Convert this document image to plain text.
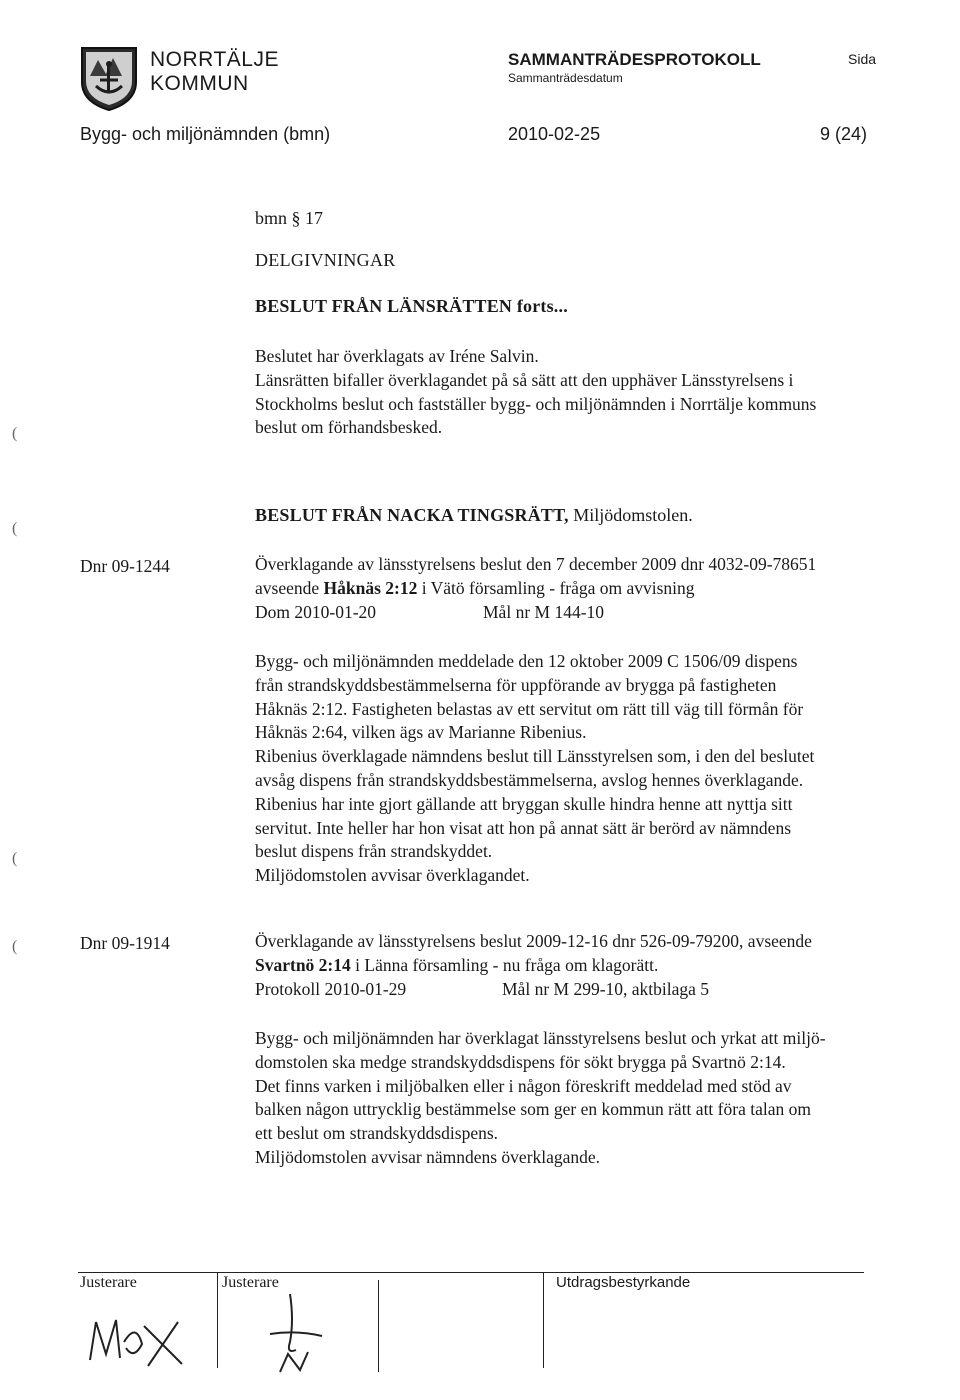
NORRTÄLJE
KOMMUN
SAMMANTRÄDESPROTOKOLL
Sammanträdesdatum
Sida
Bygg- och miljönämnden (bmn)	2010-02-25	9 (24)
bmn § 17
DELGIVNINGAR
BESLUT FRÅN LÄNSRÄTTEN forts...
Beslutet har överklagats av Iréne Salvin.
Länsrätten bifaller överklagandet på så sätt att den upphäver Länsstyrelsens i
Stockholms beslut och fastställer bygg- och miljönämnden i Norrtälje kommuns
beslut om förhandsbesked.
BESLUT FRÅN NACKA TINGSRÄTT, Miljödomstolen.
Dnr 09-1244	Överklagande av länsstyrelsens beslut den 7 december 2009 dnr 4032-09-78651
avseende Håknäs 2:12 i Vätö församling - fråga om avvisning
Dom 2010-01-20	Mål nr M 144-10
Bygg- och miljönämnden meddelade den 12 oktober 2009 C 1506/09 dispens
från strandskyddsbestämmelserna för uppförande av brygga på fastigheten
Håknäs 2:12. Fastigheten belastas av ett servitut om rätt till väg till förmån för
Håknäs 2:64, vilken ägs av Marianne Ribenius.
Ribenius överklagade nämndens beslut till Länsstyrelsen som, i den del beslutet
avsåg dispens från strandskyddsbestämmelserna, avslog hennes överklagande.
Ribenius har inte gjort gällande att bryggan skulle hindra henne att nyttja sitt
servitut. Inte heller har hon visat att hon på annat sätt är berörd av nämndens
beslut dispens från strandskyddet.
Miljödomstolen avvisar överklagandet.
Dnr 09-1914	Överklagande av länsstyrelsens beslut 2009-12-16 dnr 526-09-79200, avseende
Svartnö 2:14 i Länna församling - nu fråga om klagorätt.
Protokoll 2010-01-29	Mål nr M 299-10, aktbilaga 5
Bygg- och miljönämnden har överklagat länsstyrelsens beslut och yrkat att miljö-
domstolen ska medge strandskyddsdispens för sökt brygga på Svartnö 2:14.
Det finns varken i miljöbalken eller i någon föreskrift meddelad med stöd av
balken någon uttrycklig bestämmelse som ger en kommun rätt att föra talan om
ett beslut om strandskyddsdispens.
Miljödomstolen avvisar nämndens överklagande.
(
(
(
(
Justerare	Justerare	Utdragsbestyrkande
